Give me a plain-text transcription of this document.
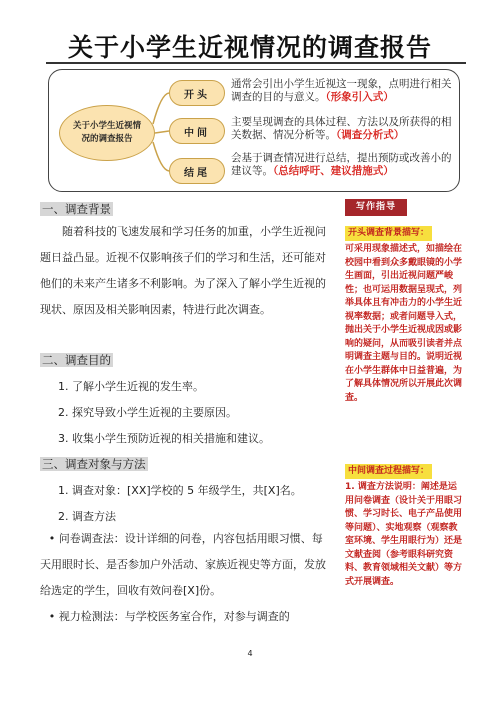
关于小学生近视情况的调查报告
关于小学生近视情况的调查报告
开头
中间
结尾
通常会引出小学生近视这一现象，点明进行相关调查的目的与意义。（形象引入式）
主要呈现调查的具体过程、方法以及所获得的相关数据、情况分析等。（调查分析式）
会基于调查情况进行总结，提出预防或改善小的建议等。（总结呼吁、建议措施式）
一、调查背景
随着科技的飞速发展和学习任务的加重，小学生近视问题日益凸显。近视不仅影响孩子们的学习和生活，还可能对他们的未来产生诸多不利影响。为了深入了解小学生近视的现状、原因及相关影响因素，特进行此次调查。
二、调查目的
1. 了解小学生近视的发生率。
2. 探究导致小学生近视的主要原因。
3. 收集小学生预防近视的相关措施和建议。
三、调查对象与方法
1. 调查对象：[XX]学校的 5 年级学生，共[X]名。
2. 调查方法
• 问卷调查法：设计详细的问卷，内容包括用眼习惯、每天用眼时长、是否参加户外活动、家族近视史等方面，发放给选定的学生，回收有效问卷[X]份。
• 视力检测法：与学校医务室合作，对参与调查的
写作指导
开头调查背景描写：
可采用现象描述式，如描绘在校园中看到众多戴眼镜的小学生画面，引出近视问题严峻性；也可运用数据呈现式，列举具体且有冲击力的小学生近视率数据；或者问题导入式，抛出关于小学生近视成因或影响的疑问，从而吸引读者并点明调查主题与目的。说明近视在小学生群体中日益普遍，为了解具体情况所以开展此次调查。
中间调查过程描写：
1. 调查方法说明：阐述是运用问卷调查（设计关于用眼习惯、学习时长、电子产品使用等问题）、实地观察（观察教室环境、学生用眼行为）还是文献查阅（参考眼科研究资料、教育领域相关文献）等方式开展调查。
4
